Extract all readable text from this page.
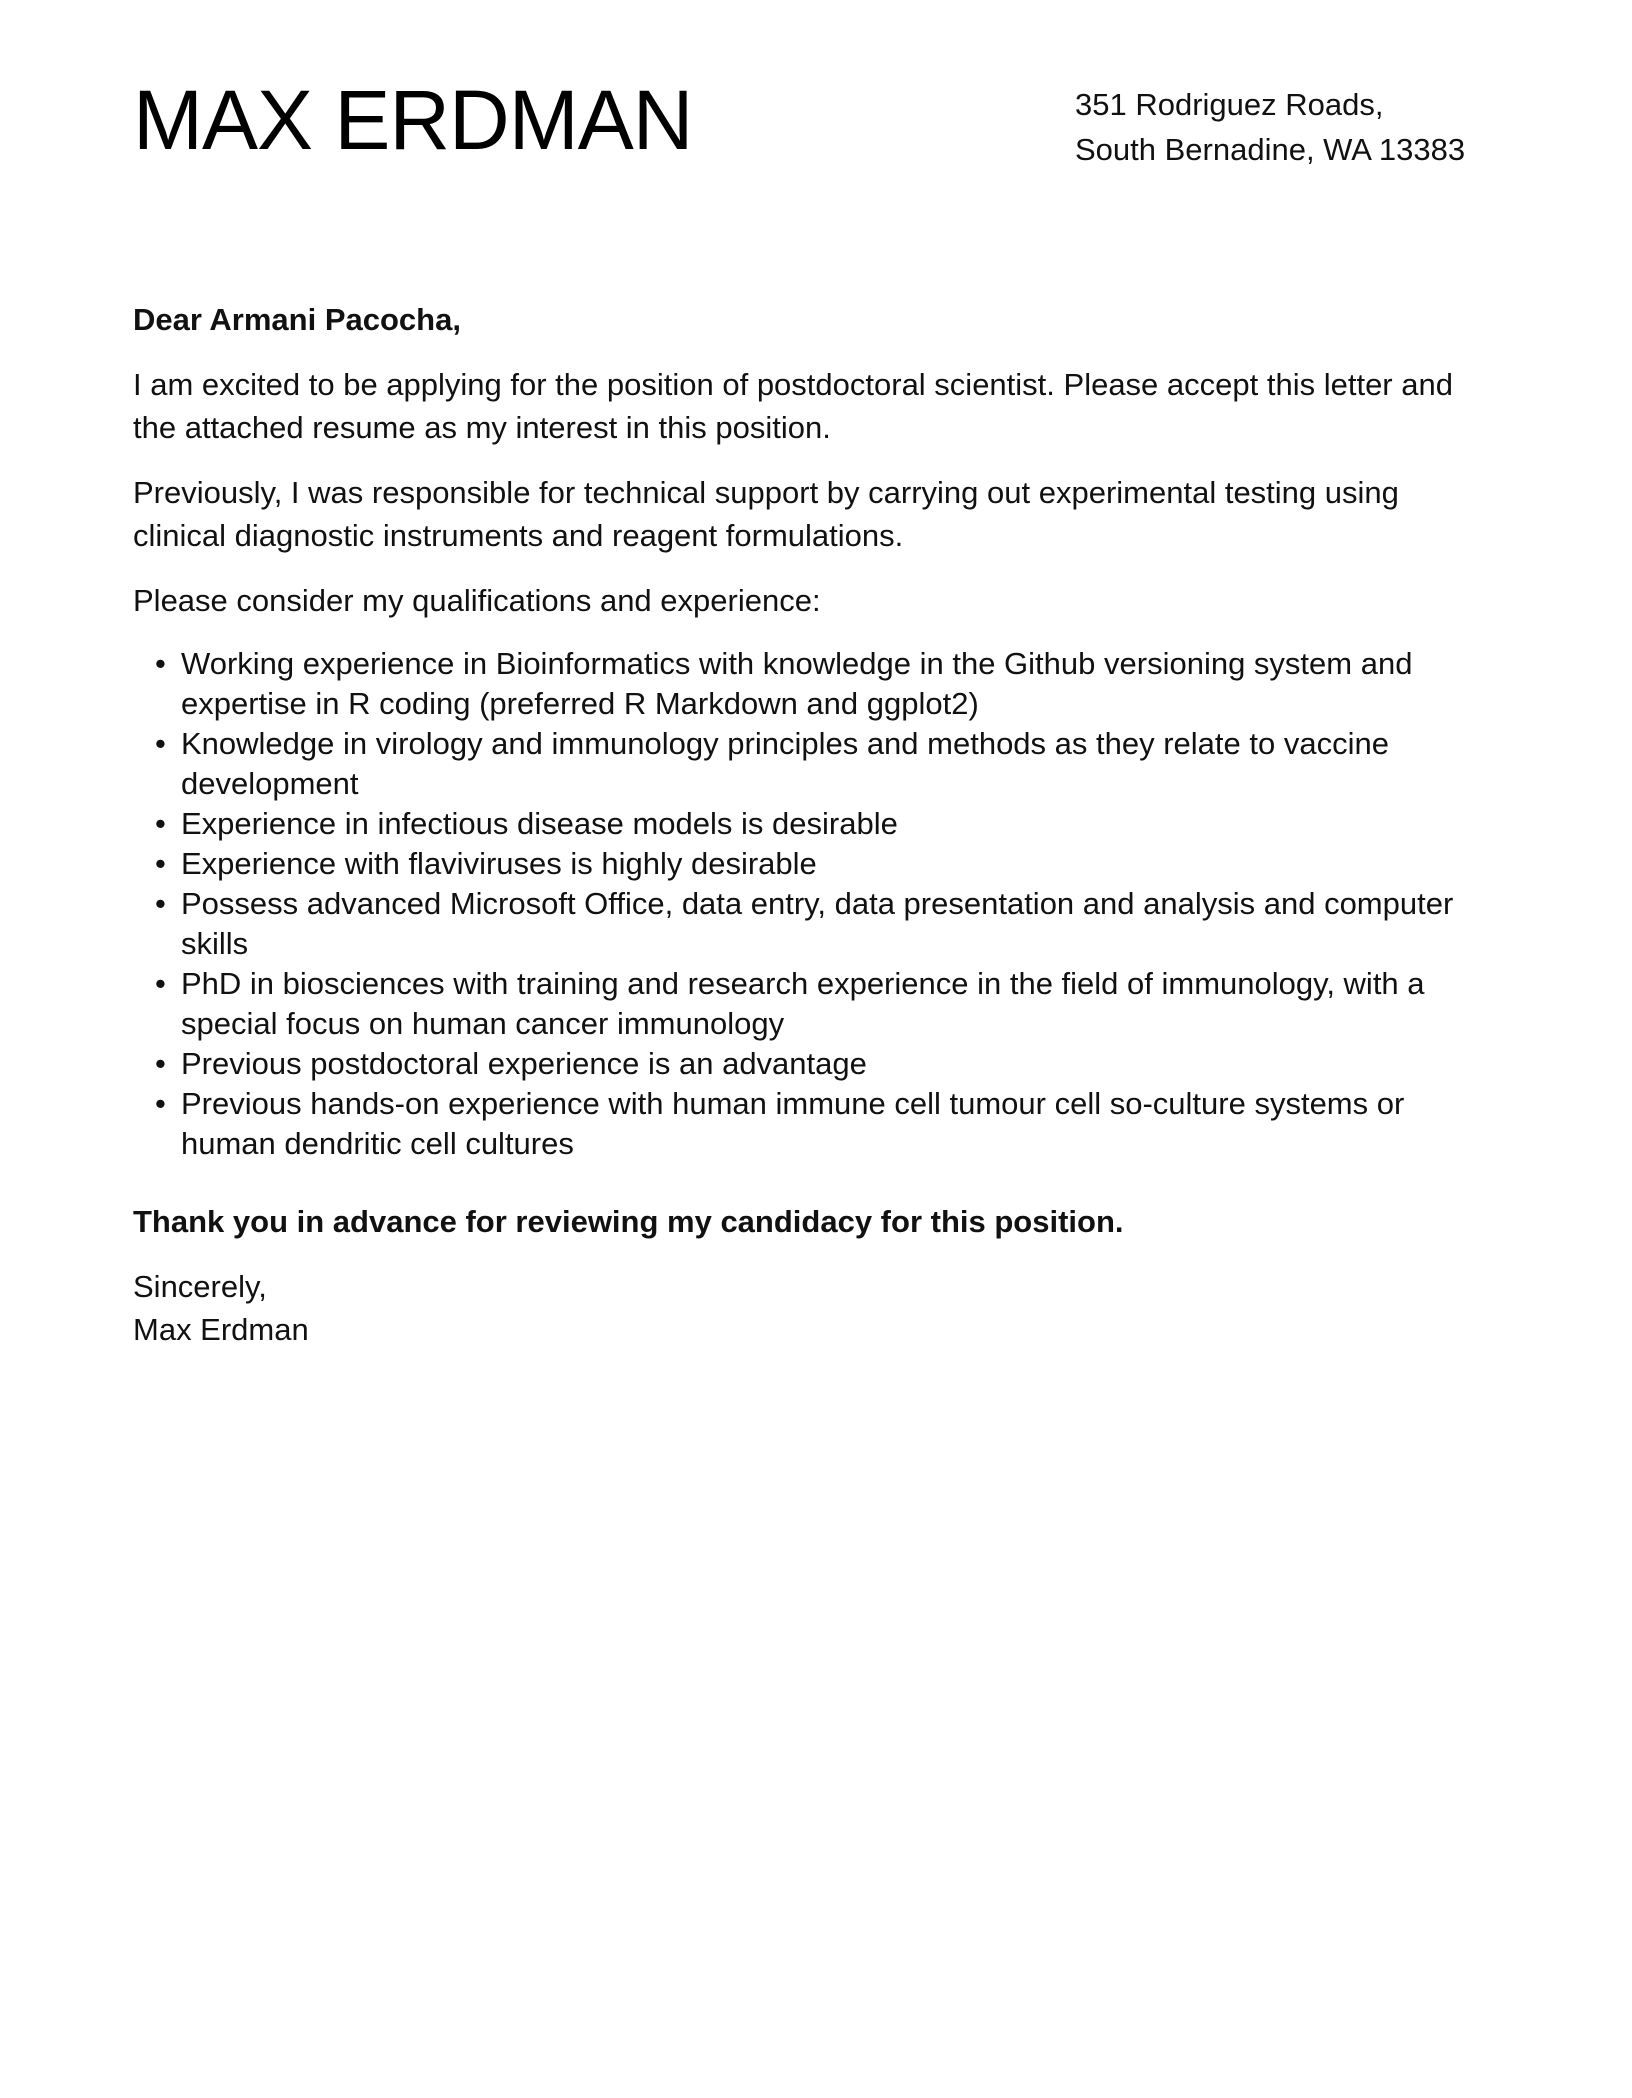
MAX ERDMAN	351 Rodriguez Roads,
South Bernadine, WA 13383

Dear Armani Pacocha,

I am excited to be applying for the position of postdoctoral scientist. Please accept this letter and the attached resume as my interest in this position.

Previously, I was responsible for technical support by carrying out experimental testing using clinical diagnostic instruments and reagent formulations.

Please consider my qualifications and experience:

• Working experience in Bioinformatics with knowledge in the Github versioning system and expertise in R coding (preferred R Markdown and ggplot2)
• Knowledge in virology and immunology principles and methods as they relate to vaccine development
• Experience in infectious disease models is desirable
• Experience with flaviviruses is highly desirable
• Possess advanced Microsoft Office, data entry, data presentation and analysis and computer skills
• PhD in biosciences with training and research experience in the field of immunology, with a special focus on human cancer immunology
• Previous postdoctoral experience is an advantage
• Previous hands-on experience with human immune cell tumour cell so-culture systems or human dendritic cell cultures

Thank you in advance for reviewing my candidacy for this position.

Sincerely,

Max Erdman
